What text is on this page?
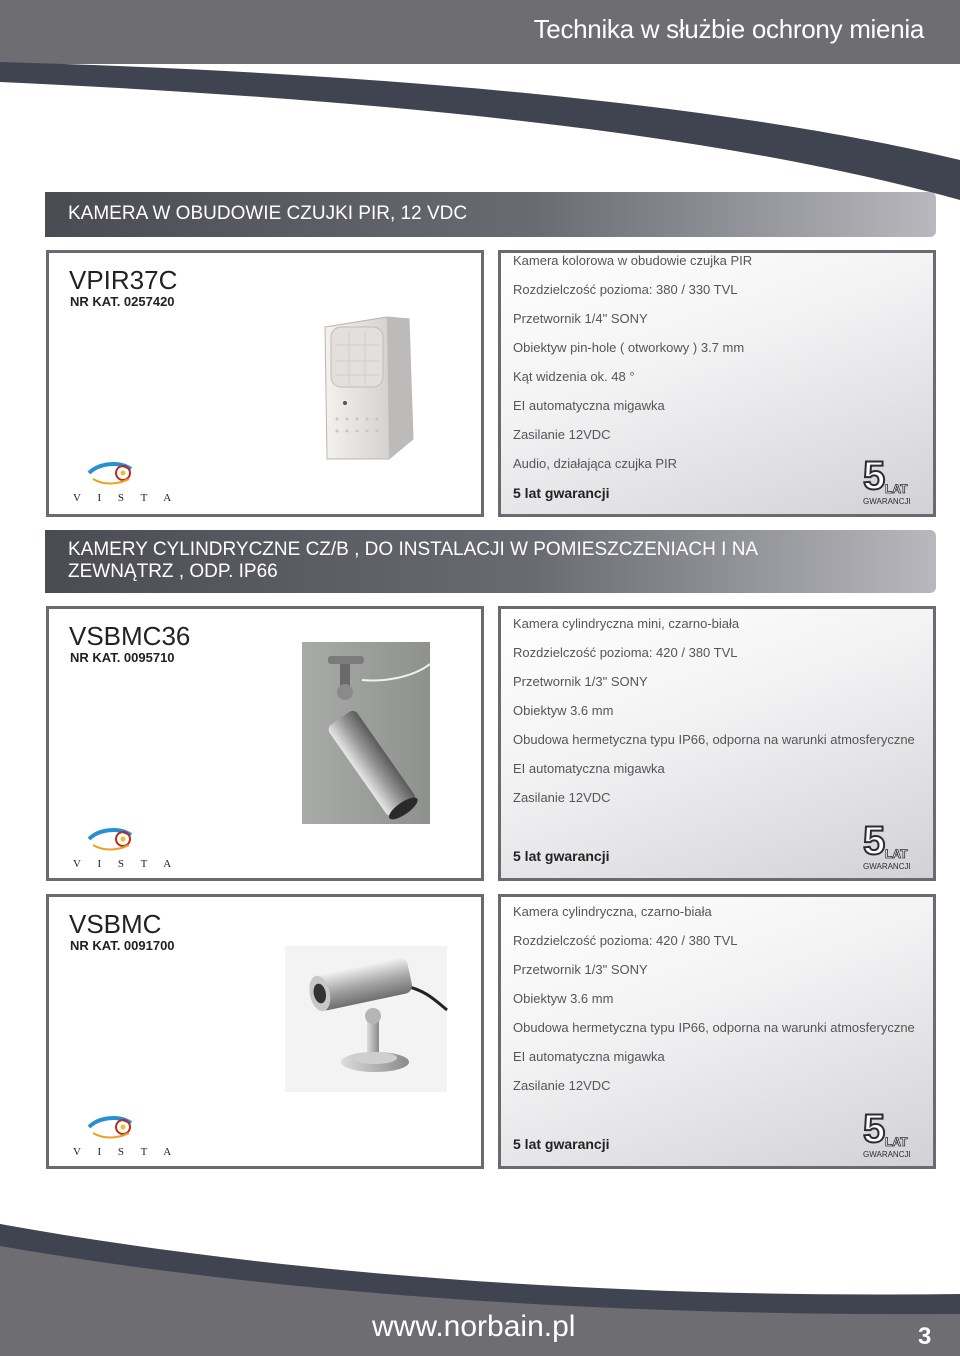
Technika w służbie ochrony mienia
KAMERA W OBUDOWIE CZUJKI PIR, 12 VDC
VPIR37C
NR KAT. 0257420
V I S T A
Kamera kolorowa w obudowie czujka PIR
Rozdzielczość pozioma: 380 / 330 TVL
Przetwornik 1/4" SONY
Obiektyw pin-hole ( otworkowy ) 3.7 mm
Kąt widzenia ok. 48 °
EI automatyczna migawka
Zasilanie 12VDC
Audio, działająca czujka PIR
5 lat gwarancji	5 LAT
GWARANCJI
KAMERY CYLINDRYCZNE CZ/B , DO INSTALACJI W POMIESZCZENIACH I NA
ZEWNĄTRZ , ODP. IP66
VSBMC36
NR KAT. 0095710
V I S T A
Kamera cylindryczna mini, czarno-biała
Rozdzielczość pozioma: 420 / 380 TVL
Przetwornik 1/3" SONY
Obiektyw 3.6 mm
Obudowa hermetyczna typu IP66, odporna na warunki atmosferyczne
EI automatyczna migawka
Zasilanie 12VDC
5 lat gwarancji	5 LAT
GWARANCJI
VSBMC
NR KAT. 0091700
V I S T A
Kamera cylindryczna, czarno-biała
Rozdzielczość pozioma: 420 / 380 TVL
Przetwornik 1/3" SONY
Obiektyw 3.6 mm
Obudowa hermetyczna typu IP66, odporna na warunki atmosferyczne
EI automatyczna migawka
Zasilanie 12VDC
5 lat gwarancji	5 LAT
GWARANCJI
www.norbain.pl	3
